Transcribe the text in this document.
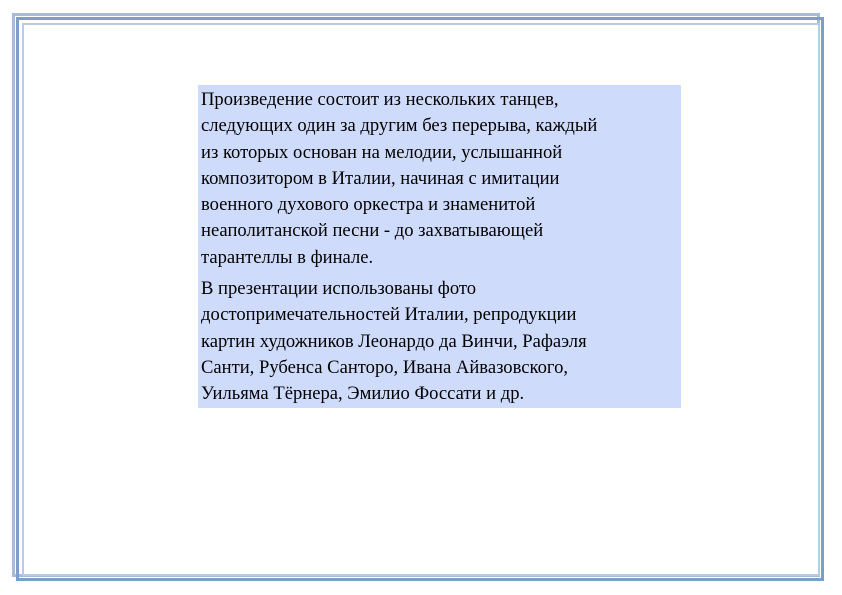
Произведение состоит из нескольких танцев,
следующих один за другим без перерыва, каждый
из которых основан на мелодии, услышанной
композитором в Италии, начиная с имитации
военного духового оркестра и знаменитой
неаполитанской песни - до захватывающей
тарантеллы в финале.

В презентации использованы фото
достопримечательностей Италии, репродукции
картин художников Леонардо да Винчи, Рафаэля
Санти, Рубенса Санторо, Ивана Айвазовского,
Уильяма Тёрнера, Эмилио Фоссати и др.
